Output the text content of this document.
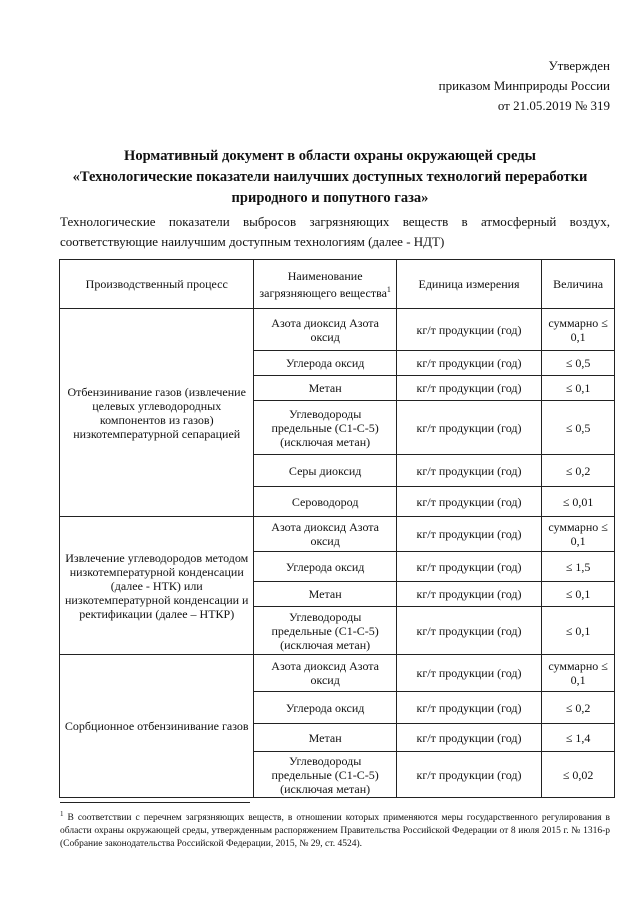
Утвержден
приказом Минприроды России
от 21.05.2019 № 319
Нормативный документ в области охраны окружающей среды
«Технологические показатели наилучших доступных технологий переработки
природного и попутного газа»
Технологические показатели выбросов загрязняющих веществ в атмосферный воздух,
соответствующие наилучшим доступным технологиям (далее - НДТ)
Производственный процесс	Наименование загрязняющего вещества$^1$	Единица измерения	Величина
Отбензинивание газов (извлечение целевых углеводородных компонентов из газов) низкотемпературной сепарацией	Азота диоксид Азота оксид	кг/т продукции (год)	суммарно ≤ 0,1
	Углерода оксид	кг/т продукции (год)	≤ 0,5
	Метан	кг/т продукции (год)	≤ 0,1
	Углеводороды предельные (С1-С-5) (исключая метан)	кг/т продукции (год)	≤ 0,5
	Серы диоксид	кг/т продукции (год)	≤ 0,2
	Сероводород	кг/т продукции (год)	≤ 0,01
Извлечение углеводородов методом низкотемпературной конденсации (далее - НТК) или низкотемпературной конденсации и ректификации (далее – НТКР)	Азота диоксид Азота оксид	кг/т продукции (год)	суммарно ≤ 0,1
	Углерода оксид	кг/т продукции (год)	≤ 1,5
	Метан	кг/т продукции (год)	≤ 0,1
	Углеводороды предельные (С1-С-5) (исключая метан)	кг/т продукции (год)	≤ 0,1
Сорбционное отбензинивание газов	Азота диоксид Азота оксид	кг/т продукции (год)	суммарно ≤ 0,1
	Углерода оксид	кг/т продукции (год)	≤ 0,2
	Метан	кг/т продукции (год)	≤ 1,4
	Углеводороды предельные (С1-С-5) (исключая метан)	кг/т продукции (год)	≤ 0,02
$^1$ В соответствии с перечнем загрязняющих веществ, в отношении которых применяются меры государственного регулирования в области охраны окружающей среды, утвержденным распоряжением Правительства Российской Федерации от 8 июля 2015 г. № 1316-р (Собрание законодательства Российской Федерации, 2015, № 29, ст. 4524).
